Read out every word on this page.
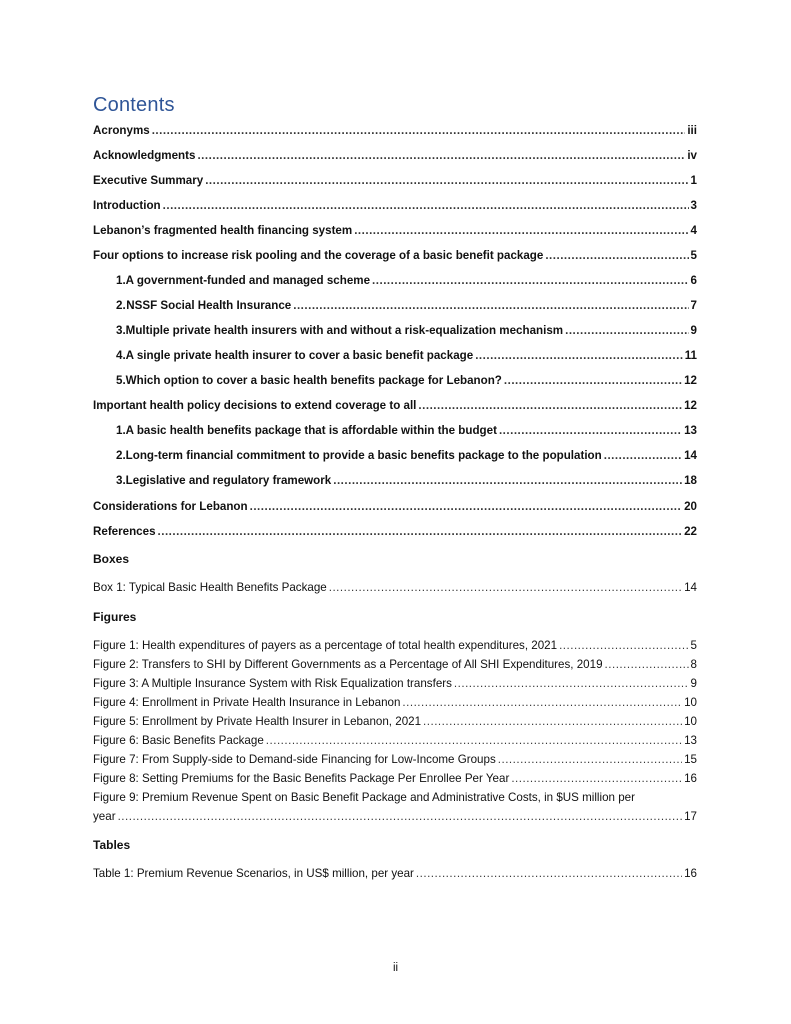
Contents
Acronyms .....	iii
Acknowledgments .....	iv
Executive Summary .....	1
Introduction .....	3
Lebanon’s fragmented health financing system .....	4
Four options to increase risk pooling and the coverage of a basic benefit package .....	5
1. A government-funded and managed scheme .....	6
2. NSSF Social Health Insurance .....	7
3. Multiple private health insurers with and without a risk-equalization mechanism .....	9
4. A single private health insurer to cover a basic benefit package .....	11
5. Which option to cover a basic health benefits package for Lebanon? .....	12
Important health policy decisions to extend coverage to all .....	12
1. A basic health benefits package that is affordable within the budget .....	13
2. Long-term financial commitment to provide a basic benefits package to the population .....	14
3. Legislative and regulatory framework .....	18
Considerations for Lebanon .....	20
References .....	22
Boxes
Box 1: Typical Basic Health Benefits Package .....	14
Figures
Figure 1: Health expenditures of payers as a percentage of total health expenditures, 2021 .....	5
Figure 2: Transfers to SHI by Different Governments as a Percentage of All SHI Expenditures, 2019 .....	8
Figure 3: A Multiple Insurance System with Risk Equalization transfers .....	9
Figure 4: Enrollment in Private Health Insurance in Lebanon .....	10
Figure 5: Enrollment by Private Health Insurer in Lebanon, 2021 .....	10
Figure 6: Basic Benefits Package .....	13
Figure 7: From Supply-side to Demand-side Financing for Low-Income Groups .....	15
Figure 8: Setting Premiums for the Basic Benefits Package Per Enrollee Per Year .....	16
Figure 9: Premium Revenue Spent on Basic Benefit Package and Administrative Costs, in $US million per
year .....	17
Tables
Table 1: Premium Revenue Scenarios, in US$ million, per year .....	16
ii
